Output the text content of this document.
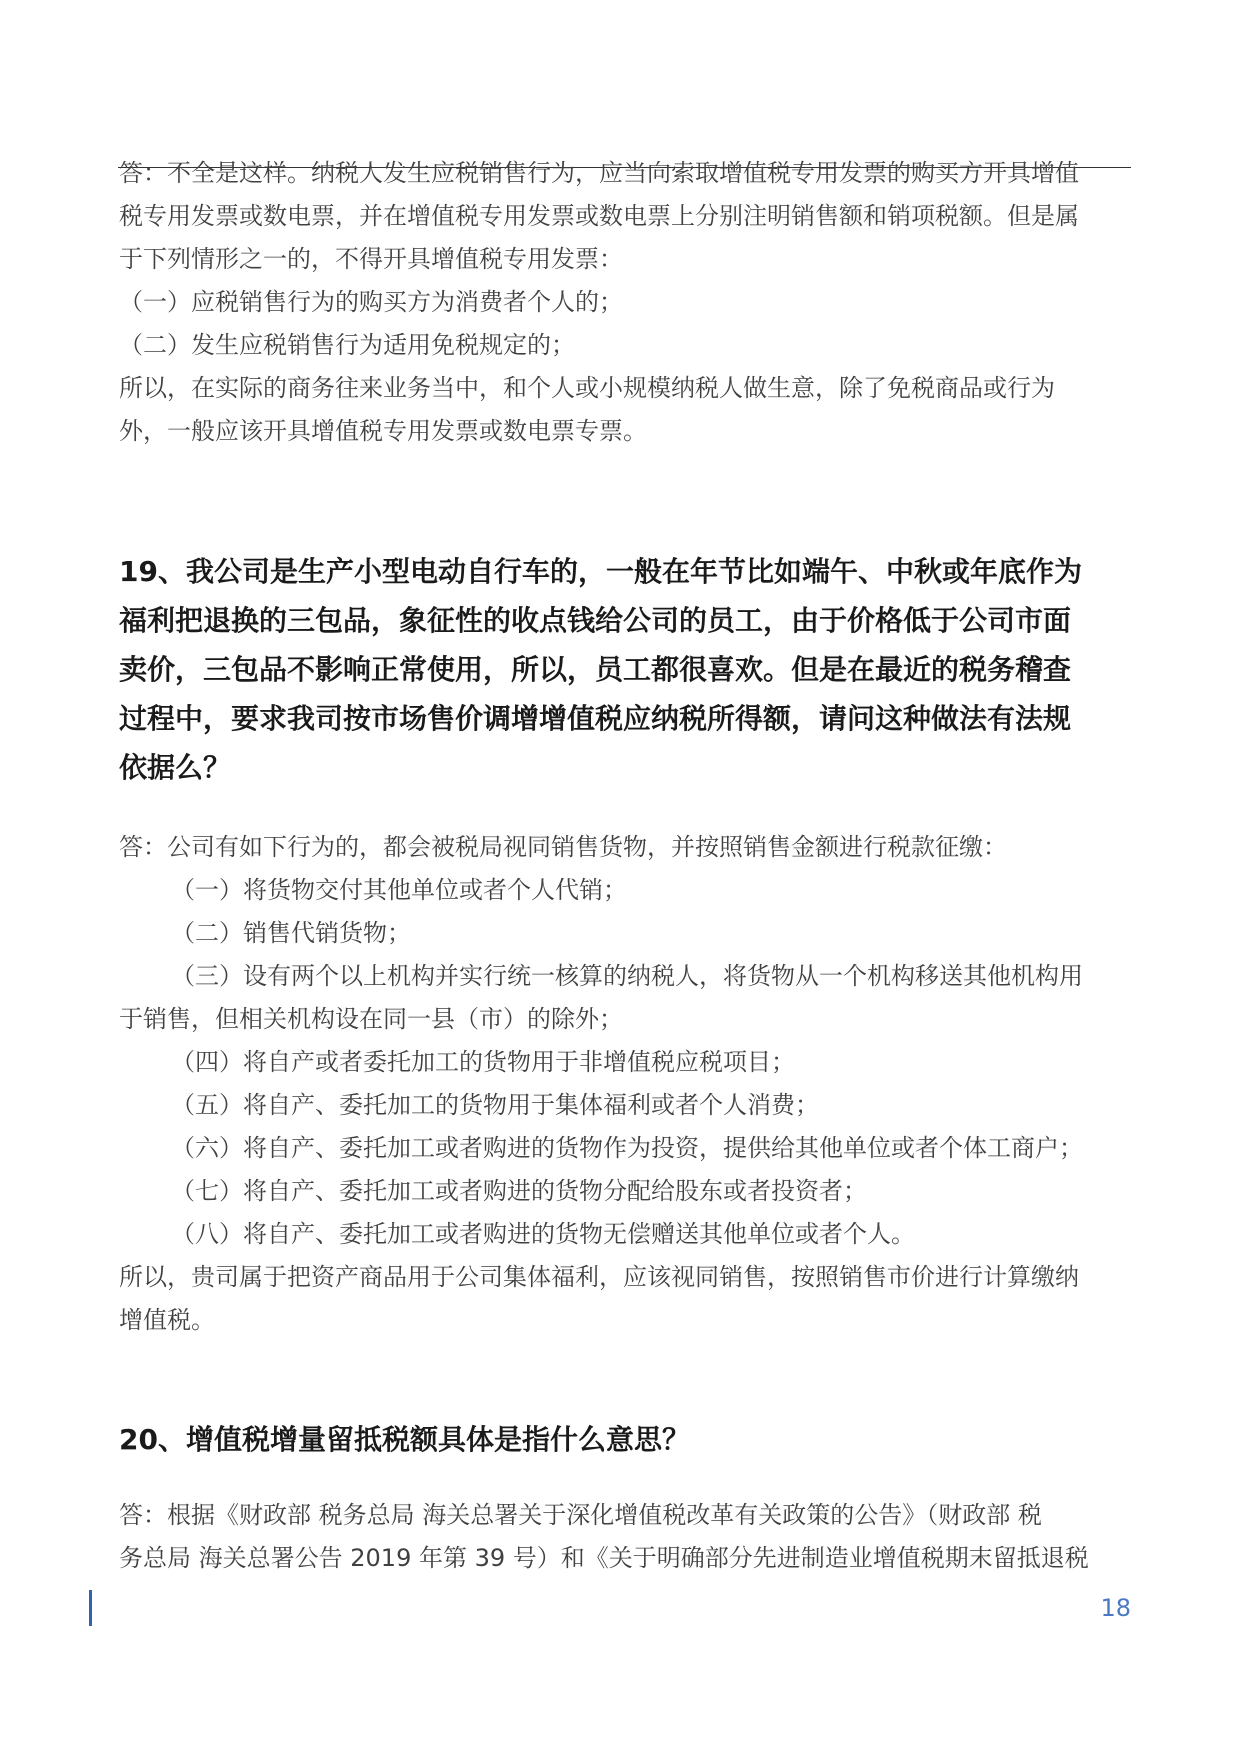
答：不全是这样。纳税人发生应税销售行为，应当向索取增值税专用发票的购买方开具增值
税专用发票或数电票，并在增值税专用发票或数电票上分别注明销售额和销项税额。但是属
于下列情形之一的，不得开具增值税专用发票：
（一）应税销售行为的购买方为消费者个人的；
（二）发生应税销售行为适用免税规定的；
所以，在实际的商务往来业务当中，和个人或小规模纳税人做生意，除了免税商品或行为
外，一般应该开具增值税专用发票或数电票专票。
19、我公司是生产小型电动自行车的，一般在年节比如端午、中秋或年底作为
福利把退换的三包品，象征性的收点钱给公司的员工，由于价格低于公司市面
卖价，三包品不影响正常使用，所以，员工都很喜欢。但是在最近的税务稽查
过程中，要求我司按市场售价调增增值税应纳税所得额，请问这种做法有法规
依据么？
答：公司有如下行为的，都会被税局视同销售货物，并按照销售金额进行税款征缴：
（一）将货物交付其他单位或者个人代销；
（二）销售代销货物；
（三）设有两个以上机构并实行统一核算的纳税人，将货物从一个机构移送其他机构用
于销售，但相关机构设在同一县（市）的除外；
（四）将自产或者委托加工的货物用于非增值税应税项目；
（五）将自产、委托加工的货物用于集体福利或者个人消费；
（六）将自产、委托加工或者购进的货物作为投资，提供给其他单位或者个体工商户；
（七）将自产、委托加工或者购进的货物分配给股东或者投资者；
（八）将自产、委托加工或者购进的货物无偿赠送其他单位或者个人。
所以，贵司属于把资产商品用于公司集体福利，应该视同销售，按照销售市价进行计算缴纳
增值税。
20、增值税增量留抵税额具体是指什么意思？
答：根据《财政部 税务总局 海关总署关于深化增值税改革有关政策的公告》（财政部 税
务总局 海关总署公告 2019 年第 39 号）和《关于明确部分先进制造业增值税期末留抵退税
18
